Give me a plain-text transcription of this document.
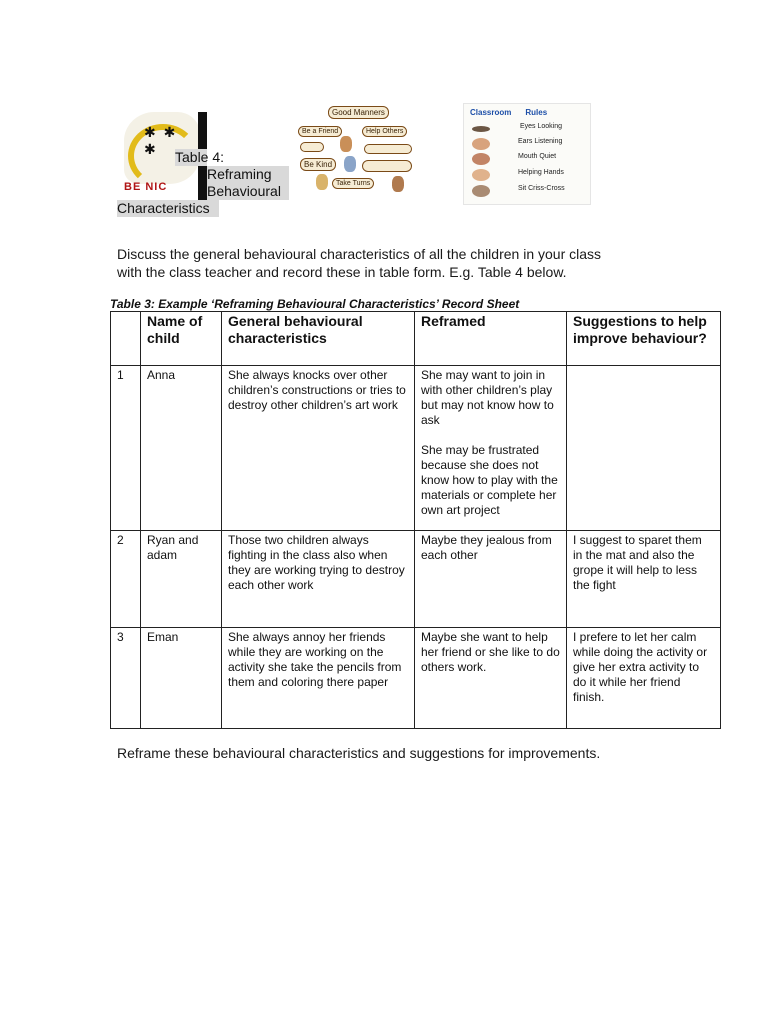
✱ ✱
✱
BE NIC
Table 4:
Reframing
Behavioural
Characteristics
Good Manners
Be a Friend	Help Others
Be Kind
Take Turns
Classroom Rules
Eyes Looking
Ears Listening
Mouth Quiet
Helping Hands
Sit Criss-Cross
Discuss the general behavioural characteristics of all the children in your class
with the class teacher and record these in table form. E.g. Table 4 below.
Table 3: Example ‘Reframing Behavioural Characteristics’ Record Sheet
	Name of child	General behavioural characteristics	Reframed	Suggestions to help improve behaviour?
1	Anna	She always knocks over other children’s constructions or tries to destroy other children’s art work	She may want to join in with other children’s play but may not know how to ask
She may be frustrated because she does not know how to play with the materials or complete her own art project	

2	Ryan and adam	Those two children always fighting in the class also when they are working trying to destroy each other work	Maybe they jealous from each other	I suggest to sparet them in the mat and also the grope it will help to less the fight
3	Eman	She always annoy her friends while they are working on the activity she take the pencils from them and coloring there paper	Maybe she want to help her friend or she like to do others work.	I prefere to let her calm while doing the activity or give her extra activity to do it while her friend finish.
Reframe these behavioural characteristics and suggestions for improvements.
